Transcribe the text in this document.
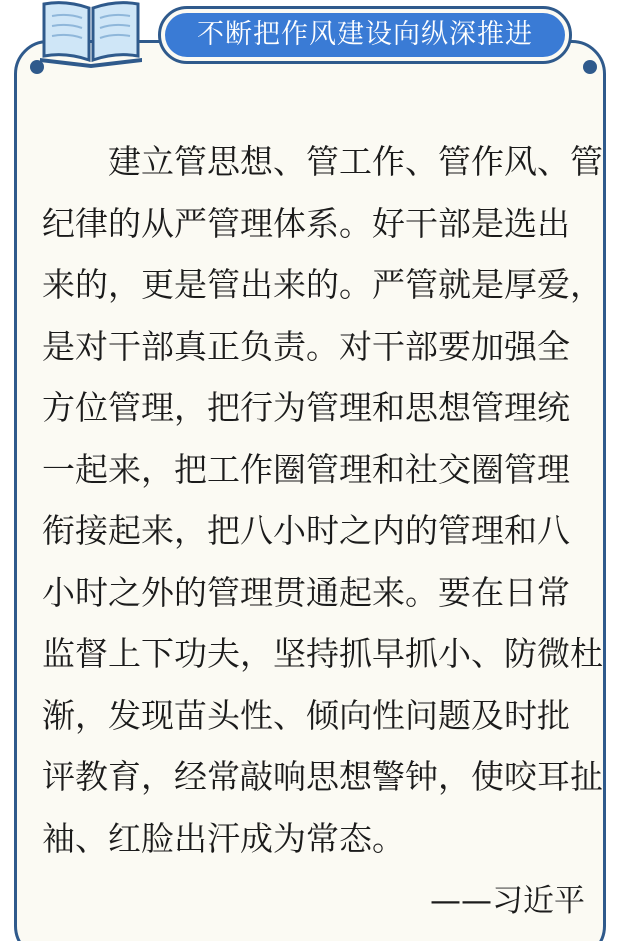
不断把作风建设向纵深推进
建立管思想、管工作、管作风、管
纪律的从严管理体系。好干部是选出
来的，更是管出来的。严管就是厚爱，
是对干部真正负责。对干部要加强全
方位管理，把行为管理和思想管理统
一起来，把工作圈管理和社交圈管理
衔接起来，把八小时之内的管理和八
小时之外的管理贯通起来。要在日常
监督上下功夫，坚持抓早抓小、防微杜
渐，发现苗头性、倾向性问题及时批
评教育，经常敲响思想警钟，使咬耳扯
袖、红脸出汗成为常态。
——习近平
